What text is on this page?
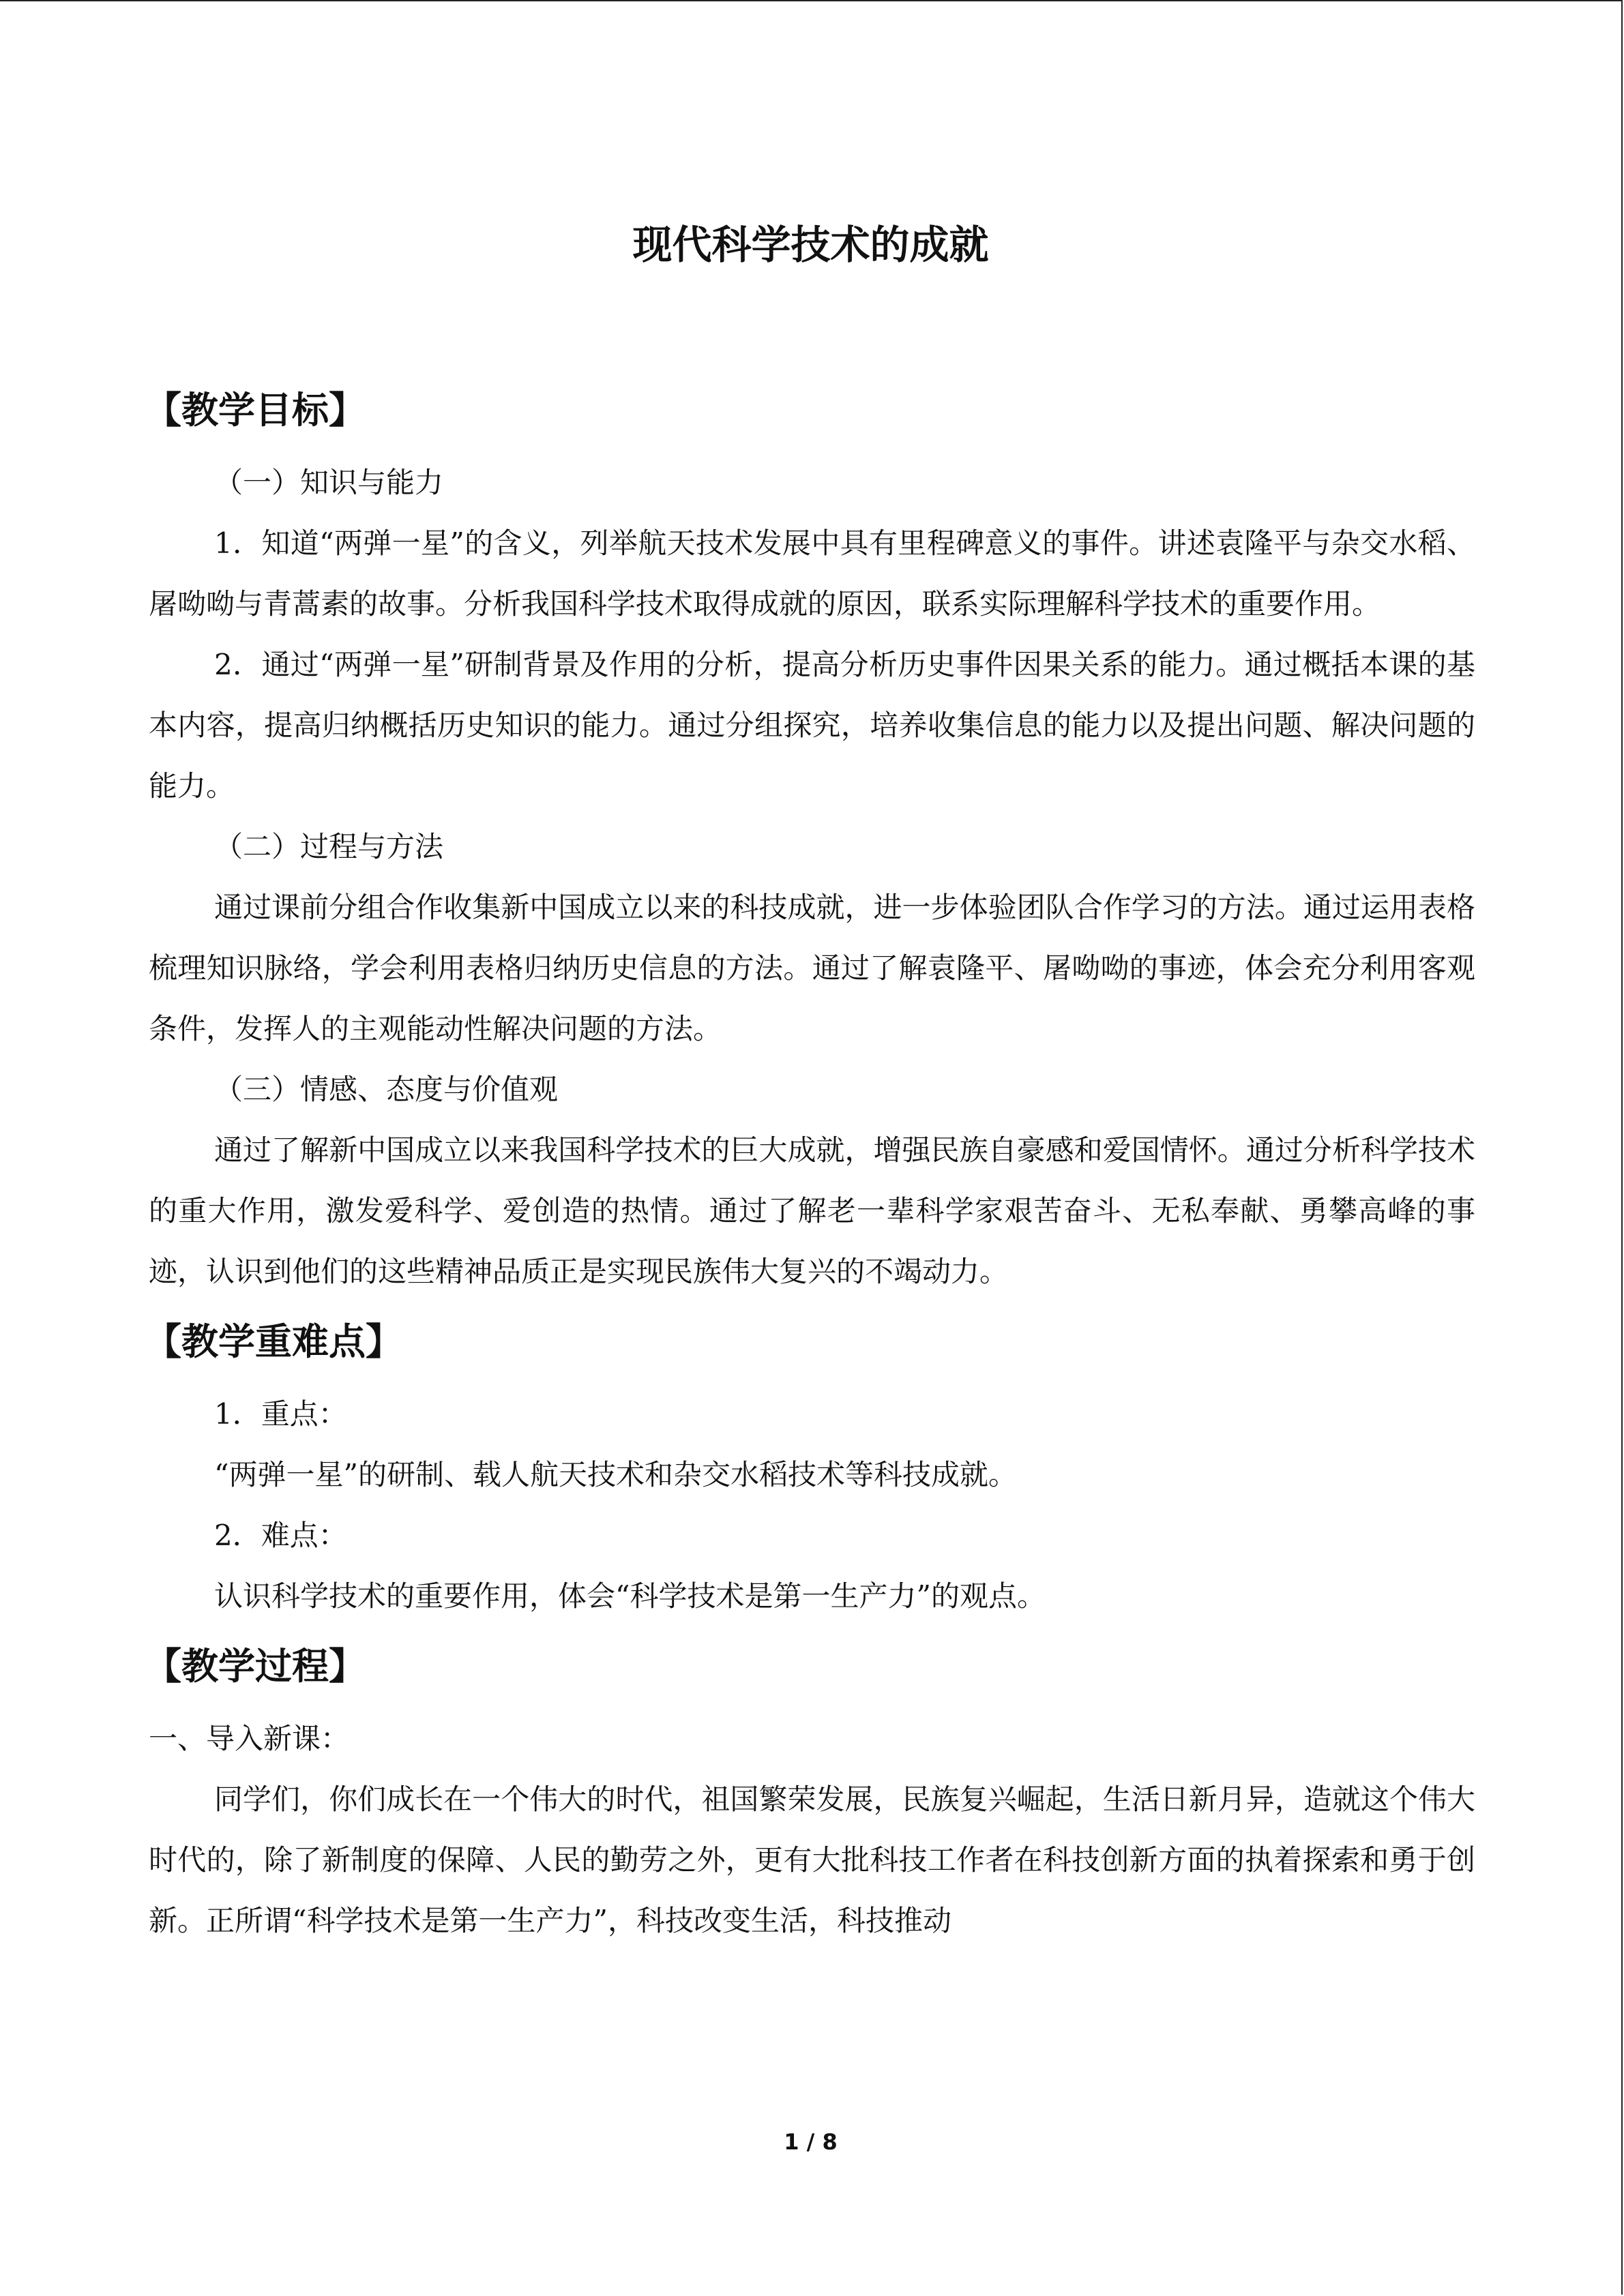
现代科学技术的成就
【教学目标】

（一）知识与能力

1．知道“两弹一星”的含义，列举航天技术发展中具有里程碑意义的事件。讲述袁隆平与杂交水稻、屠呦呦与青蒿素的故事。分析我国科学技术取得成就的原因，联系实际理解科学技术的重要作用。

2．通过“两弹一星”研制背景及作用的分析，提高分析历史事件因果关系的能力。通过概括本课的基本内容，提高归纳概括历史知识的能力。通过分组探究，培养收集信息的能力以及提出问题、解决问题的能力。

（二）过程与方法

通过课前分组合作收集新中国成立以来的科技成就，进一步体验团队合作学习的方法。通过运用表格梳理知识脉络，学会利用表格归纳历史信息的方法。通过了解袁隆平、屠呦呦的事迹，体会充分利用客观条件，发挥人的主观能动性解决问题的方法。

（三）情感、态度与价值观

通过了解新中国成立以来我国科学技术的巨大成就，增强民族自豪感和爱国情怀。通过分析科学技术的重大作用，激发爱科学、爱创造的热情。通过了解老一辈科学家艰苦奋斗、无私奉献、勇攀高峰的事迹，认识到他们的这些精神品质正是实现民族伟大复兴的不竭动力。

【教学重难点】

1．重点：

“两弹一星”的研制、载人航天技术和杂交水稻技术等科技成就。

2．难点：

认识科学技术的重要作用，体会“科学技术是第一生产力”的观点。

【教学过程】

一、导入新课：

同学们，你们成长在一个伟大的时代，祖国繁荣发展，民族复兴崛起，生活日新月异，造就这个伟大时代的，除了新制度的保障、人民的勤劳之外，更有大批科技工作者在科技创新方面的执着探索和勇于创新。正所谓“科学技术是第一生产力”，科技改变生活，科技推动

1 / 8
